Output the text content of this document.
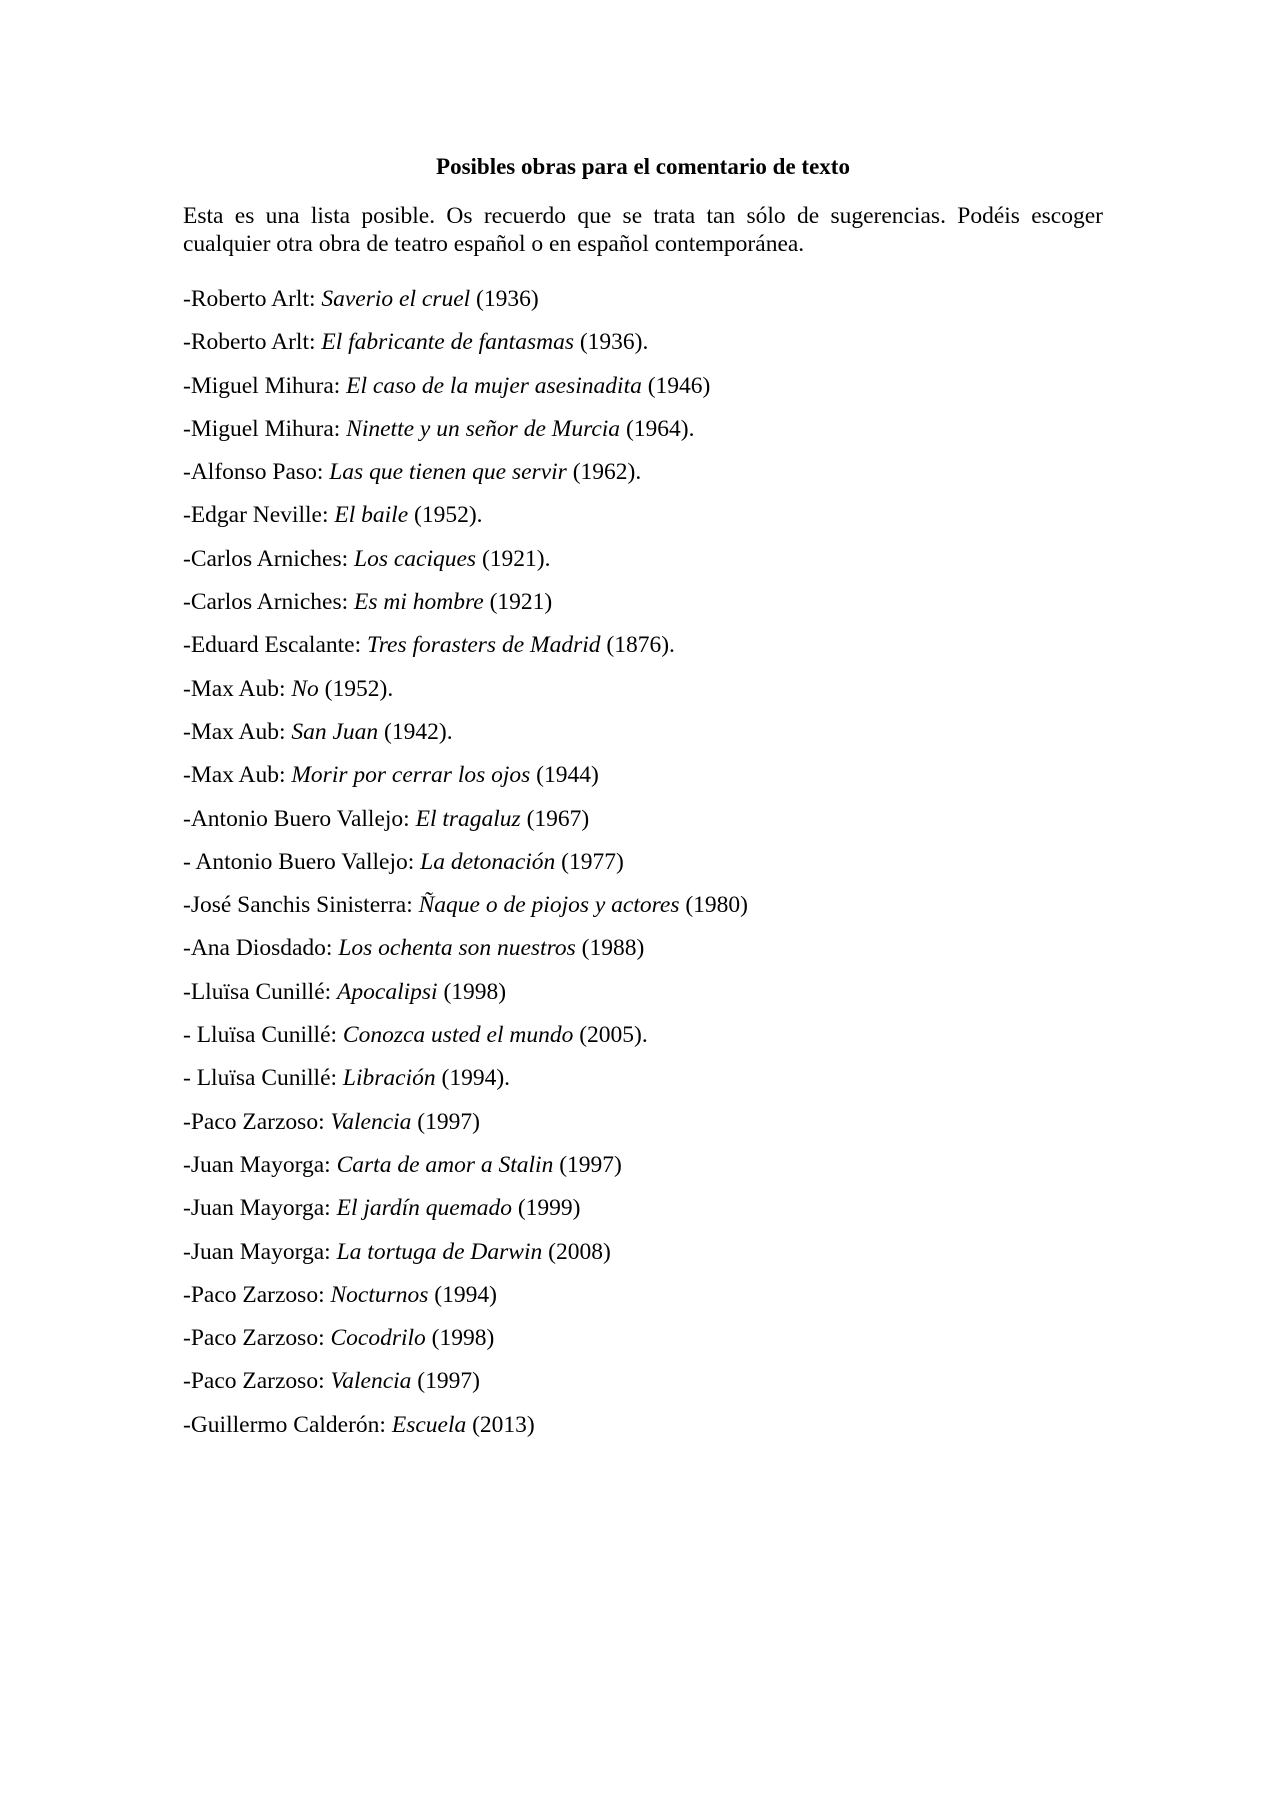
Posibles obras para el comentario de texto

Esta es una lista posible. Os recuerdo que se trata tan sólo de sugerencias. Podéis escoger cualquier otra obra de teatro español o en español contemporánea.

-Roberto Arlt: Saverio el cruel (1936)
-Roberto Arlt: El fabricante de fantasmas (1936).
-Miguel Mihura: El caso de la mujer asesinadita (1946)
-Miguel Mihura: Ninette y un señor de Murcia (1964).
-Alfonso Paso: Las que tienen que servir (1962).
-Edgar Neville: El baile (1952).
-Carlos Arniches: Los caciques (1921).
-Carlos Arniches: Es mi hombre (1921)
-Eduard Escalante: Tres forasters de Madrid (1876).
-Max Aub: No (1952).
-Max Aub: San Juan (1942).
-Max Aub: Morir por cerrar los ojos (1944)
-Antonio Buero Vallejo: El tragaluz (1967)
- Antonio Buero Vallejo: La detonación (1977)
-José Sanchis Sinisterra: Ñaque o de piojos y actores (1980)
-Ana Diosdado: Los ochenta son nuestros (1988)
-Lluïsa Cunillé: Apocalipsi (1998)
- Lluïsa Cunillé: Conozca usted el mundo (2005).
- Lluïsa Cunillé: Libración (1994).
-Paco Zarzoso: Valencia (1997)
-Juan Mayorga: Carta de amor a Stalin (1997)
-Juan Mayorga: El jardín quemado (1999)
-Juan Mayorga: La tortuga de Darwin (2008)
-Paco Zarzoso: Nocturnos (1994)
-Paco Zarzoso: Cocodrilo (1998)
-Paco Zarzoso: Valencia (1997)
-Guillermo Calderón: Escuela (2013)
